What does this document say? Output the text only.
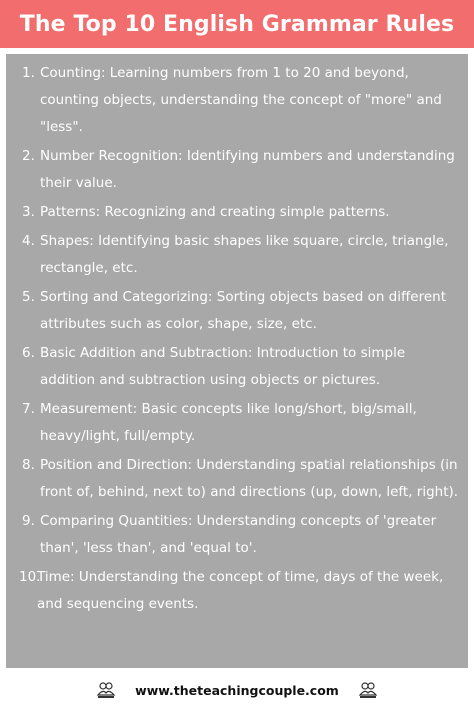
The Top 10 English Grammar Rules
1. Counting: Learning numbers from 1 to 20 and beyond, counting objects, understanding the concept of "more" and "less".
2. Number Recognition: Identifying numbers and understanding their value.
3. Patterns: Recognizing and creating simple patterns.
4. Shapes: Identifying basic shapes like square, circle, triangle, rectangle, etc.
5. Sorting and Categorizing: Sorting objects based on different attributes such as color, shape, size, etc.
6. Basic Addition and Subtraction: Introduction to simple addition and subtraction using objects or pictures.
7. Measurement: Basic concepts like long/short, big/small, heavy/light, full/empty.
8. Position and Direction: Understanding spatial relationships (in front of, behind, next to) and directions (up, down, left, right).
9. Comparing Quantities: Understanding concepts of 'greater than', 'less than', and 'equal to'.
10.
Time: Understanding the concept of time, days of the week, and sequencing events.
www.theteachingcouple.com
